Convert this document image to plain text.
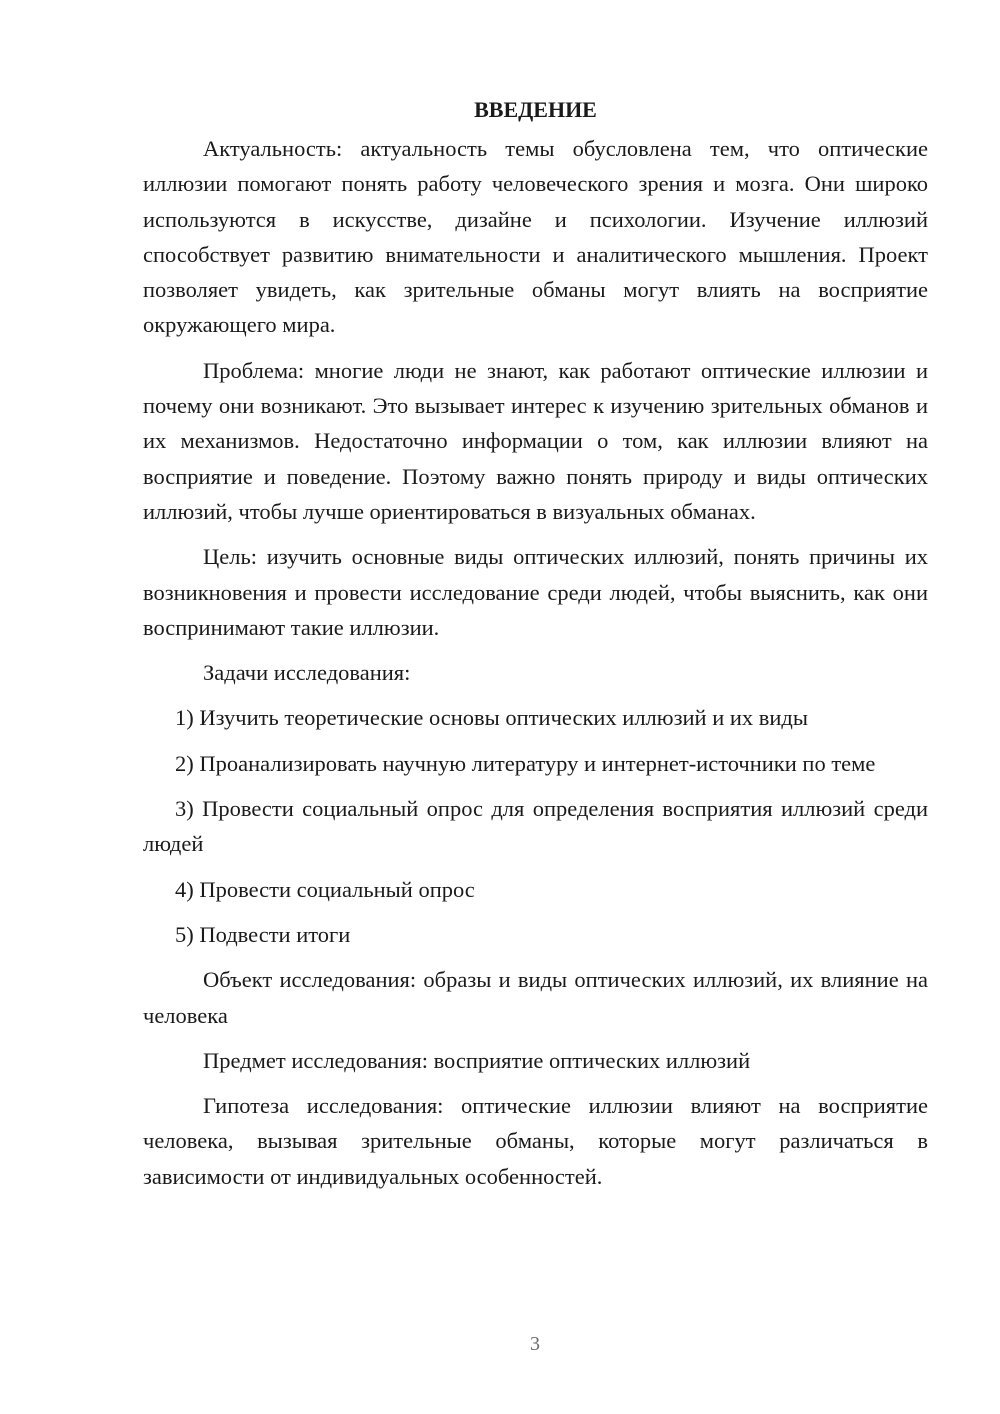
ВВЕДЕНИЕ

Актуальность: актуальность темы обусловлена тем, что оптические иллюзии помогают понять работу человеческого зрения и мозга. Они широко используются в искусстве, дизайне и психологии. Изучение иллюзий способствует развитию внимательности и аналитического мышления. Проект позволяет увидеть, как зрительные обманы могут влиять на восприятие окружающего мира.

Проблема: многие люди не знают, как работают оптические иллюзии и почему они возникают. Это вызывает интерес к изучению зрительных обманов и их механизмов. Недостаточно информации о том, как иллюзии влияют на восприятие и поведение. Поэтому важно понять природу и виды оптических иллюзий, чтобы лучше ориентироваться в визуальных обманах.

Цель: изучить основные виды оптических иллюзий, понять причины их возникновения и провести исследование среди людей, чтобы выяснить, как они воспринимают такие иллюзии.

Задачи исследования:

1) Изучить теоретические основы оптических иллюзий и их виды

2) Проанализировать научную литературу и интернет-источники по теме

3) Провести социальный опрос для определения восприятия иллюзий среди людей

4) Провести социальный опрос

5) Подвести итоги

Объект исследования: образы и виды оптических иллюзий, их влияние на человека

Предмет исследования: восприятие оптических иллюзий

Гипотеза исследования: оптические иллюзии влияют на восприятие человека, вызывая зрительные обманы, которые могут различаться в зависимости от индивидуальных особенностей.

3
